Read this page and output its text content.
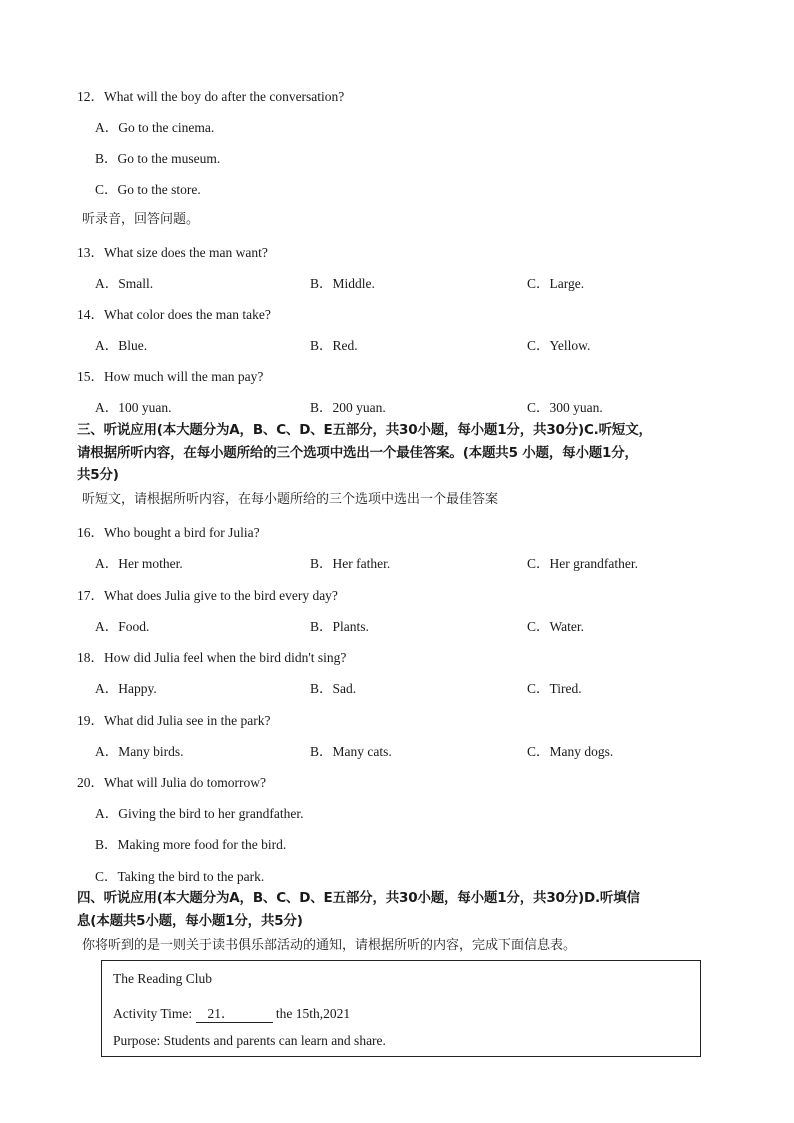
12．What will the boy do after the conversation?
A．Go to the cinema.
B．Go to the museum.
C．Go to the store.
听录音，回答问题。
13．What size does the man want?
A．Small.	B．Middle.	C．Large.
14．What color does the man take?
A．Blue.	B．Red.	C．Yellow.
15．How much will the man pay?
A．100 yuan.	B．200 yuan.	C．300 yuan.
三、听说应用(本大题分为A，B、C、D、E五部分，共30小题，每小题1分，共30分)C.听短文，
请根据所听内容，在每小题所给的三个选项中选出一个最佳答案。(本题共5 小题，每小题1分，
共5分)
听短文，请根据所听内容，在每小题所给的三个选项中选出一个最佳答案
16．Who bought a bird for Julia?
A．Her mother.	B．Her father.	C．Her grandfather.
17．What does Julia give to the bird every day?
A．Food.	B．Plants.	C．Water.
18．How did Julia feel when the bird didn't sing?
A．Happy.	B．Sad.	C．Tired.
19．What did Julia see in the park?
A．Many birds.	B．Many cats.	C．Many dogs.
20．What will Julia do tomorrow?
A．Giving the bird to her grandfather.
B．Making more food for the bird.
C．Taking the bird to the park.
四、听说应用(本大题分为A，B、C、D、E五部分，共30小题，每小题1分，共30分)D.听填信
息(本题共5小题，每小题1分，共5分)
你将听到的是一则关于读书俱乐部活动的通知，请根据所听的内容，完成下面信息表。
The Reading Club
Activity Time: 21．	the 15th,2021
Purpose: Students and parents can learn and share.
